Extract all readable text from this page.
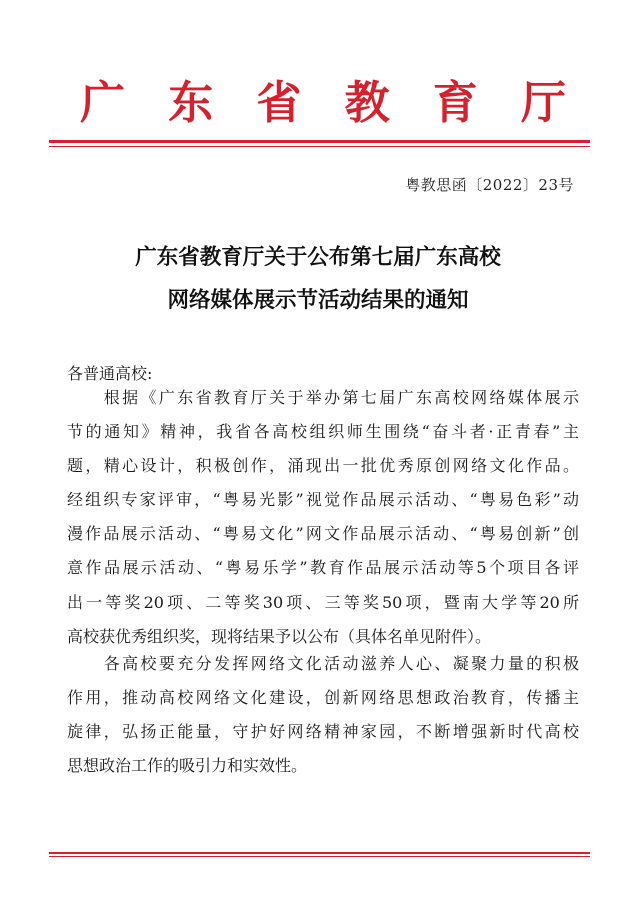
广 东 省 教 育 厅
粤教思函〔2022〕23号
广东省教育厅关于公布第七届广东高校
网络媒体展示节活动结果的通知
各普通高校:
　　根据《广东省教育厅关于举办第七届广东高校网络媒体展示
节的通知》精神，我省各高校组织师生围绕“奋斗者·正青春”主
题，精心设计，积极创作，涌现出一批优秀原创网络文化作品。
经组织专家评审，“粤易光影”视觉作品展示活动、“粤易色彩”动
漫作品展示活动、“粤易文化”网文作品展示活动、“粤易创新”创
意作品展示活动、“粤易乐学”教育作品展示活动等5个项目各评
出一等奖20项、二等奖30项、三等奖50项，暨南大学等20所
高校获优秀组织奖，现将结果予以公布（具体名单见附件）。
　　各高校要充分发挥网络文化活动滋养人心、凝聚力量的积极
作用，推动高校网络文化建设，创新网络思想政治教育，传播主
旋律，弘扬正能量，守护好网络精神家园，不断增强新时代高校
思想政治工作的吸引力和实效性。
